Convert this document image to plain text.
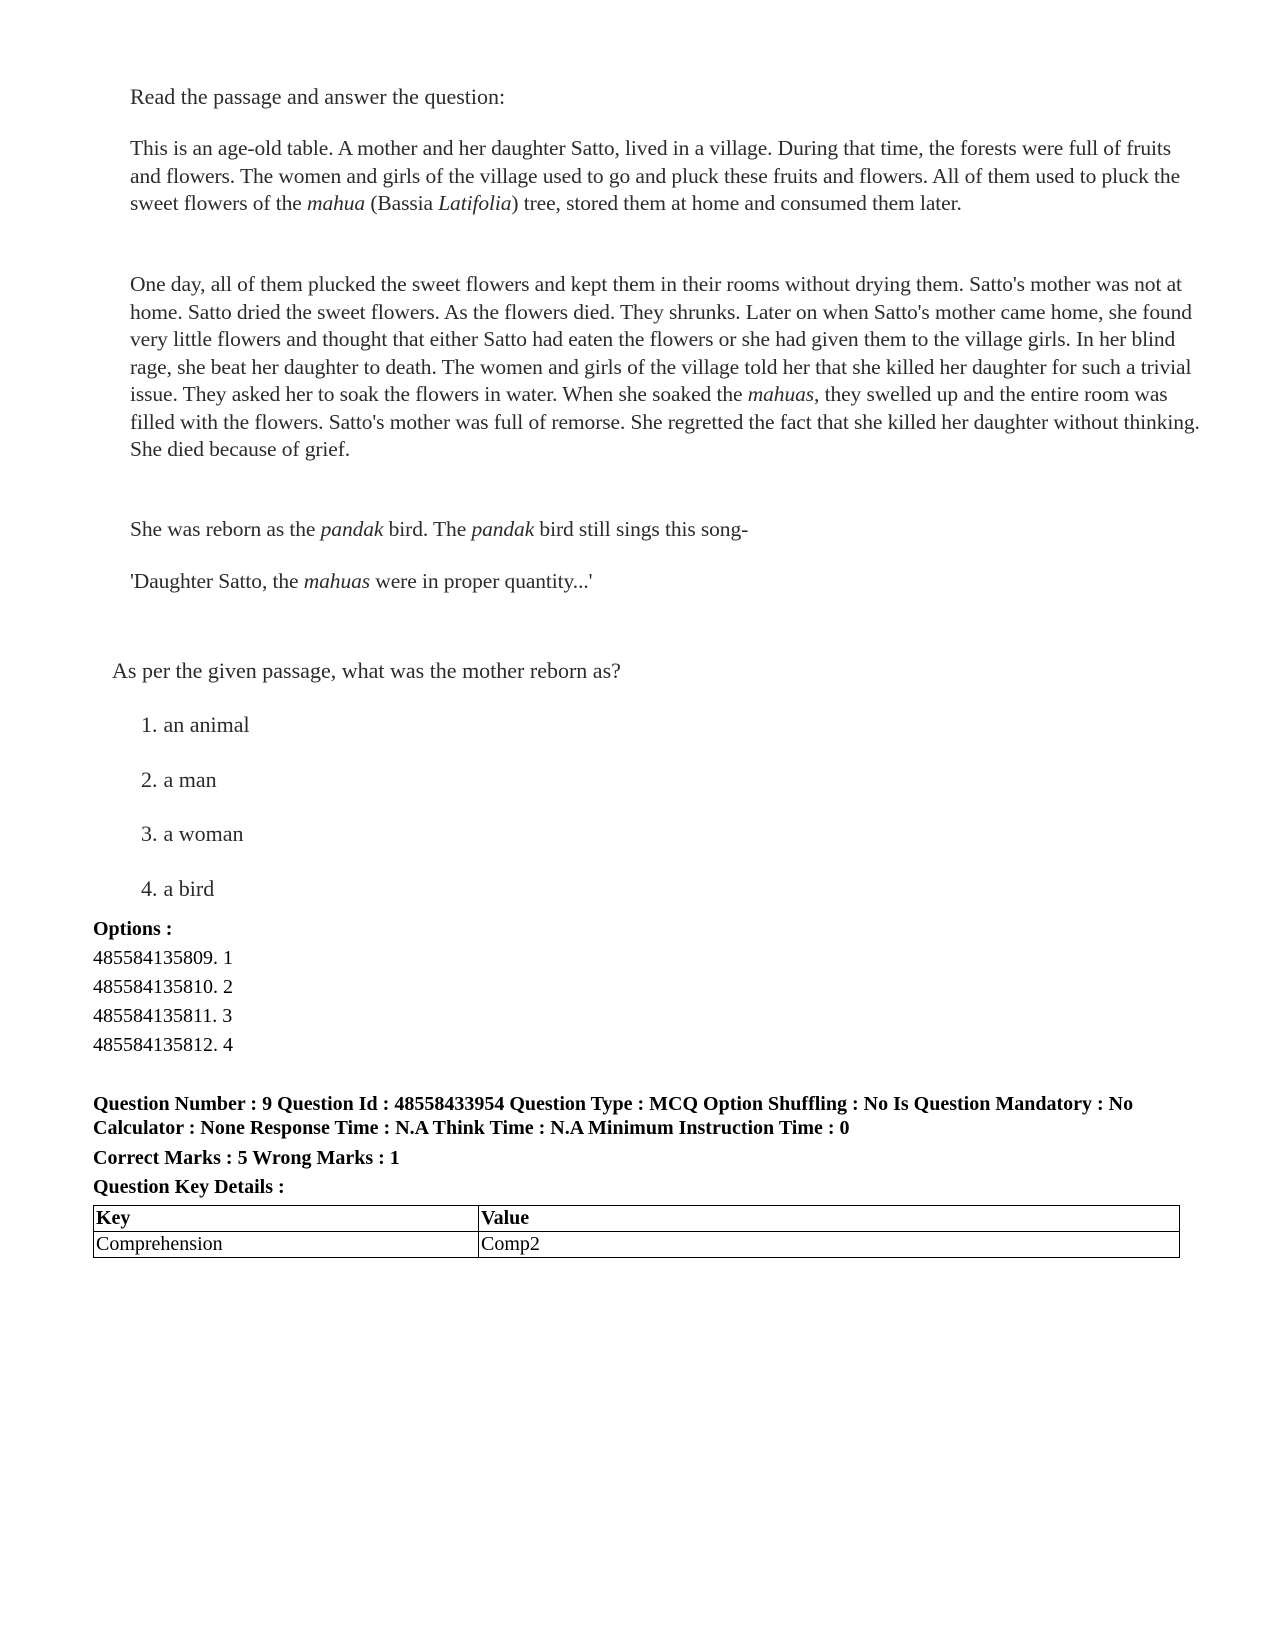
Read the passage and answer the question:

This is an age-old table. A mother and her daughter Satto, lived in a village. During that time, the forests were full of fruits and flowers. The women and girls of the village used to go and pluck these fruits and flowers. All of them used to pluck the sweet flowers of the mahua (Bassia Latifolia) tree, stored them at home and consumed them later.

One day, all of them plucked the sweet flowers and kept them in their rooms without drying them. Satto's mother was not at home. Satto dried the sweet flowers. As the flowers died. They shrunks. Later on when Satto's mother came home, she found very little flowers and thought that either Satto had eaten the flowers or she had given them to the village girls. In her blind rage, she beat her daughter to death. The women and girls of the village told her that she killed her daughter for such a trivial issue. They asked her to soak the flowers in water. When she soaked the mahuas, they swelled up and the entire room was filled with the flowers. Satto's mother was full of remorse. She regretted the fact that she killed her daughter without thinking. She died because of grief.

She was reborn as the pandak bird. The pandak bird still sings this song-

'Daughter Satto, the mahuas were in proper quantity...'

As per the given passage, what was the mother reborn as?

1. an animal
2. a man
3. a woman
4. a bird
Options :
485584135809. 1
485584135810. 2
485584135811. 3
485584135812. 4

Question Number : 9 Question Id : 48558433954 Question Type : MCQ Option Shuffling : No Is Question Mandatory : No Calculator : None Response Time : N.A Think Time : N.A Minimum Instruction Time : 0

Correct Marks : 5 Wrong Marks : 1
Question Key Details :
Key	Value
Comprehension	Comp2
